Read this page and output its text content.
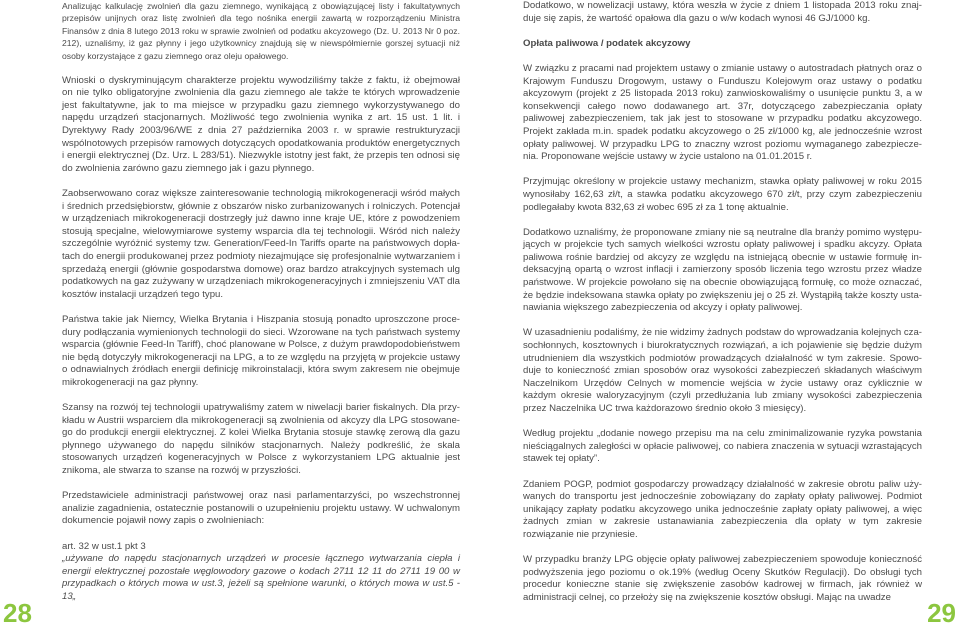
Analizując kalkulację zwolnień dla gazu ziemnego, wynikającą z obowiązującej listy i fakultatywnych przepisów unijnych oraz listę zwolnień dla tego nośnika energii zawartą w rozporządzeniu Ministra Finansów z dnia 8 lutego 2013 roku w sprawie zwolnień od podatku akcyzowego (Dz. U. 2013 Nr 0 poz. 212), uznaliśmy, iż gaz płynny i jego użytkownicy znajdują się w niewspółmiernie gorszej sytuacji niż osoby korzystające z gazu ziemnego oraz oleju opałowego.

Wnioski o dyskryminującym charakterze projektu wywodziliśmy także z faktu, iż obejmował on nie tylko obligatoryjne zwolnienia dla gazu ziemnego ale także te których wprowadzenie jest fakultatywne, jak to ma miejsce w przypadku gazu ziemnego wykorzystywanego do napędu urządzeń stacjonarnych. Możliwość tego zwolnienia wynika z art. 15 ust. 1 lit. i Dyrektywy Rady 2003/96/WE z dnia 27 października 2003 r. w sprawie restrukturyzacji wspólnotowych przepisów ramowych dotyczących opodatkowania produktów energetycznych i energii elektrycznej (Dz. Urz. L 283/51). Niezwykle istotny jest fakt, że przepis ten odnosi się do zwolnienia zarówno gazu ziemnego jak i gazu płynnego.

Zaobserwowano coraz większe zainteresowanie technologią mikrokogeneracji wśród małych i średnich przedsiębiorstw, głównie z obszarów nisko zurbanizowanych i rolniczych. Potencjał w urządzeniach mikrokogeneracji dostrzegły już dawno inne kraje UE, które z powodzeniem stosują specjalne, wielowymiarowe systemy wsparcia dla tej technologii. Wśród nich należy szczególnie wyróżnić systemy tzw. Generation/Feed-In Tariffs oparte na państwowych dopłatach do energii produkowanej przez podmioty niezajmujące się profesjonalnie wytwarzaniem i sprzedażą energii (głównie gospodarstwa domowe) oraz bardzo atrakcyjnych systemach ulg podatkowych na gaz zużywany w urządzeniach mikrokogeneracyjnych i zmniejszeniu VAT dla kosztów instalacji urządzeń tego typu.

Państwa takie jak Niemcy, Wielka Brytania i Hiszpania stosują ponadto uproszczone procedury podłączania wymienionych technologii do sieci. Wzorowane na tych państwach systemy wsparcia (głównie Feed-In Tariff), choć planowane w Polsce, z dużym prawdopodobieństwem nie będą dotyczyły mikrokogeneracji na LPG, a to ze względu na przyjętą w projekcie ustawy o odnawialnych źródłach energii definicję mikroinstalacji, która swym zakresem nie obejmuje mikrokogeneracji na gaz płynny.

Szansy na rozwój tej technologii upatrywaliśmy zatem w niwelacji barier fiskalnych. Dla przykładu w Austrii wsparciem dla mikrokogeneracji są zwolnienia od akcyzy dla LPG stosowanego do produkcji energii elektrycznej. Z kolei Wielka Brytania stosuje stawkę zerową dla gazu płynnego używanego do napędu silników stacjonarnych. Należy podkreślić, że skala stosowanych urządzeń kogeneracyjnych w Polsce z wykorzystaniem LPG aktualnie jest znikoma, ale stwarza to szanse na rozwój w przyszłości.

Przedstawiciele administracji państwowej oraz nasi parlamentarzyści, po wszechstronnej analizie zagadnienia, ostatecznie postanowili o uzupełnieniu projektu ustawy. W uchwalonym dokumencie pojawił nowy zapis o zwolnieniach:

art. 32 w ust.1 pkt 3
„używane do napędu stacjonarnych urządzeń w procesie łącznego wytwarzania ciepła i energii elektrycznej pozostałe węglowodory gazowe o kodach 2711 12 11 do 2711 19 00 w przypadkach o których mowa w ust.3, jeżeli są spełnione warunki, o których mowa w ust.5 - 13„
28

Dodatkowo, w nowelizacji ustawy, która weszła w życie z dniem 1 listopada 2013 roku znajduje się zapis, że wartość opałowa dla gazu o w/w kodach wynosi 46 GJ/1000 kg.

Opłata paliwowa / podatek akcyzowy

W związku z pracami nad projektem ustawy o zmianie ustawy o autostradach płatnych oraz o Krajowym Funduszu Drogowym, ustawy o Funduszu Kolejowym oraz ustawy o podatku akcyzowym (projekt z 25 listopada 2013 roku) zanwioskowaliśmy o usunięcie punktu 3, a w konsekwencji całego nowo dodawanego art. 37r, dotyczącego zabezpieczania opłaty paliwowej zabezpieczeniem, tak jak jest to stosowane w przypadku podatku akcyzowego. Projekt zakłada m.in. spadek podatku akcyzowego o 25 zł/1000 kg, ale jednocześnie wzrost opłaty paliwowej. W przypadku LPG to znaczny wzrost poziomu wymaganego zabezpieczenia. Proponowane wejście ustawy w życie ustalono na 01.01.2015 r.

Przyjmując określony w projekcie ustawy mechanizm, stawka opłaty paliwowej w roku 2015 wynosiłaby 162,63 zł/t, a stawka podatku akcyzowego 670 zł/t, przy czym zabezpieczeniu podlegałaby kwota 832,63 zł wobec 695 zł za 1 tonę aktualnie.

Dodatkowo uznaliśmy, że proponowane zmiany nie są neutralne dla branży pomimo występujących w projekcie tych samych wielkości wzrostu opłaty paliwowej i spadku akcyzy. Opłata paliwowa rośnie bardziej od akcyzy ze względu na istniejącą obecnie w ustawie formułę indeksacyjną opartą o wzrost inflacji i zamierzony sposób liczenia tego wzrostu przez władze państwowe. W projekcie powołano się na obecnie obowiązującą formułę, co może oznaczać, że będzie indeksowana stawka opłaty po zwiększeniu jej o 25 zł. Wystąpiłą także koszty ustanawiania większego zabezpieczenia od akcyzy i opłaty paliwowej.

W uzasadnieniu podaliśmy, że nie widzimy żadnych podstaw do wprowadzania kolejnych czasochłonnych, kosztownych i biurokratycznych rozwiązań, a ich pojawienie się będzie dużym utrudnieniem dla wszystkich podmiotów prowadzących działalność w tym zakresie. Spowoduje to konieczność zmian sposobów oraz wysokości zabezpieczeń składanych właściwym Naczelnikom Urzędów Celnych w momencie wejścia w życie ustawy oraz cyklicznie w każdym okresie waloryzacyjnym (czyli przedłużania lub zmiany wysokości zabezpieczenia przez Naczelnika UC trwa każdorazowo średnio około 3 miesięcy).

Według projektu „dodanie nowego przepisu ma na celu zminimalizowanie ryzyka powstania nieściągalnych zaległości w opłacie paliwowej, co nabiera znaczenia w sytuacji wzrastających stawek tej opłaty”.

Zdaniem POGP, podmiot gospodarczy prowadzący działalność w zakresie obrotu paliw używanych do transportu jest jednocześnie zobowiązany do zapłaty opłaty paliwowej. Podmiot unikający zapłaty podatku akcyzowego unika jednocześnie zapłaty opłaty paliwowej, a więc żadnych zmian w zakresie ustanawiania zabezpieczenia dla opłaty w tym zakresie rozwiązanie nie przyniesie.

W przypadku branży LPG objęcie opłaty paliwowej zabezpieczeniem spowoduje konieczność podwyższenia jego poziomu o ok.19% (według Oceny Skutków Regulacji). Do obsługi tych procedur konieczne stanie się zwiększenie zasobów kadrowej w firmach, jak również w administracji celnej, co przełoży się na zwiększenie kosztów obsługi. Mając na uwadze

29
